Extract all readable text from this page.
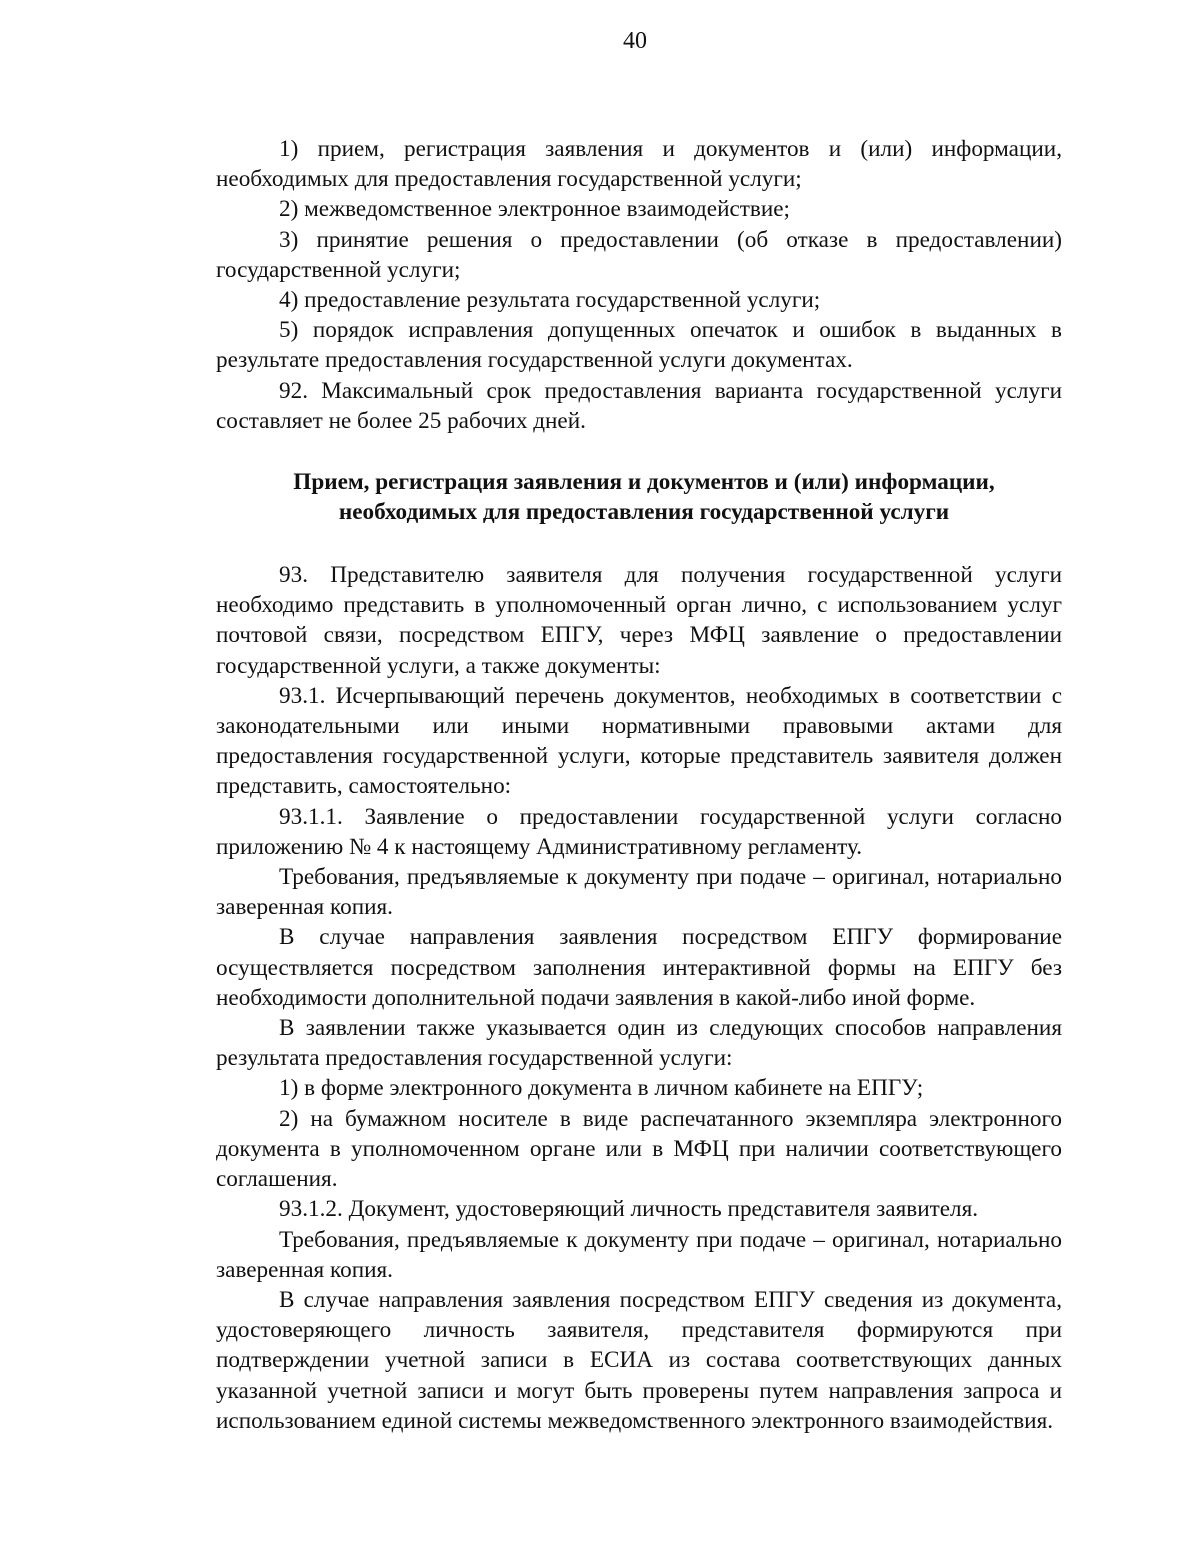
40

1) прием, регистрация заявления и документов и (или) информации, необходимых для предоставления государственной услуги;

2) межведомственное электронное взаимодействие;

3) принятие решения о предоставлении (об отказе в предоставлении) государственной услуги;

4) предоставление результата государственной услуги;

5) порядок исправления допущенных опечаток и ошибок в выданных в результате предоставления государственной услуги документах.

92. Максимальный срок предоставления варианта государственной услуги составляет не более 25 рабочих дней.

Прием, регистрация заявления и документов и (или) информации,
необходимых для предоставления государственной услуги

93. Представителю заявителя для получения государственной услуги необходимо представить в уполномоченный орган лично, с использованием услуг почтовой связи, посредством ЕПГУ, через МФЦ заявление о предоставлении государственной услуги, а также документы:

93.1. Исчерпывающий перечень документов, необходимых в соответствии с законодательными или иными нормативными правовыми актами для предоставления государственной услуги, которые представитель заявителя должен представить, самостоятельно:

93.1.1. Заявление о предоставлении государственной услуги согласно приложению № 4 к настоящему Административному регламенту.

Требования, предъявляемые к документу при подаче – оригинал, нотариально заверенная копия.

В случае направления заявления посредством ЕПГУ формирование осуществляется посредством заполнения интерактивной формы на ЕПГУ без необходимости дополнительной подачи заявления в какой-либо иной форме.

В заявлении также указывается один из следующих способов направления результата предоставления государственной услуги:

1) в форме электронного документа в личном кабинете на ЕПГУ;

2) на бумажном носителе в виде распечатанного экземпляра электронного документа в уполномоченном органе или в МФЦ при наличии соответствующего соглашения.

93.1.2. Документ, удостоверяющий личность представителя заявителя.

Требования, предъявляемые к документу при подаче – оригинал, нотариально заверенная копия.

В случае направления заявления посредством ЕПГУ сведения из документа, удостоверяющего личность заявителя, представителя формируются при подтверждении учетной записи в ЕСИА из состава соответствующих данных указанной учетной записи и могут быть проверены путем направления запроса и использованием единой системы межведомственного электронного взаимодействия.
